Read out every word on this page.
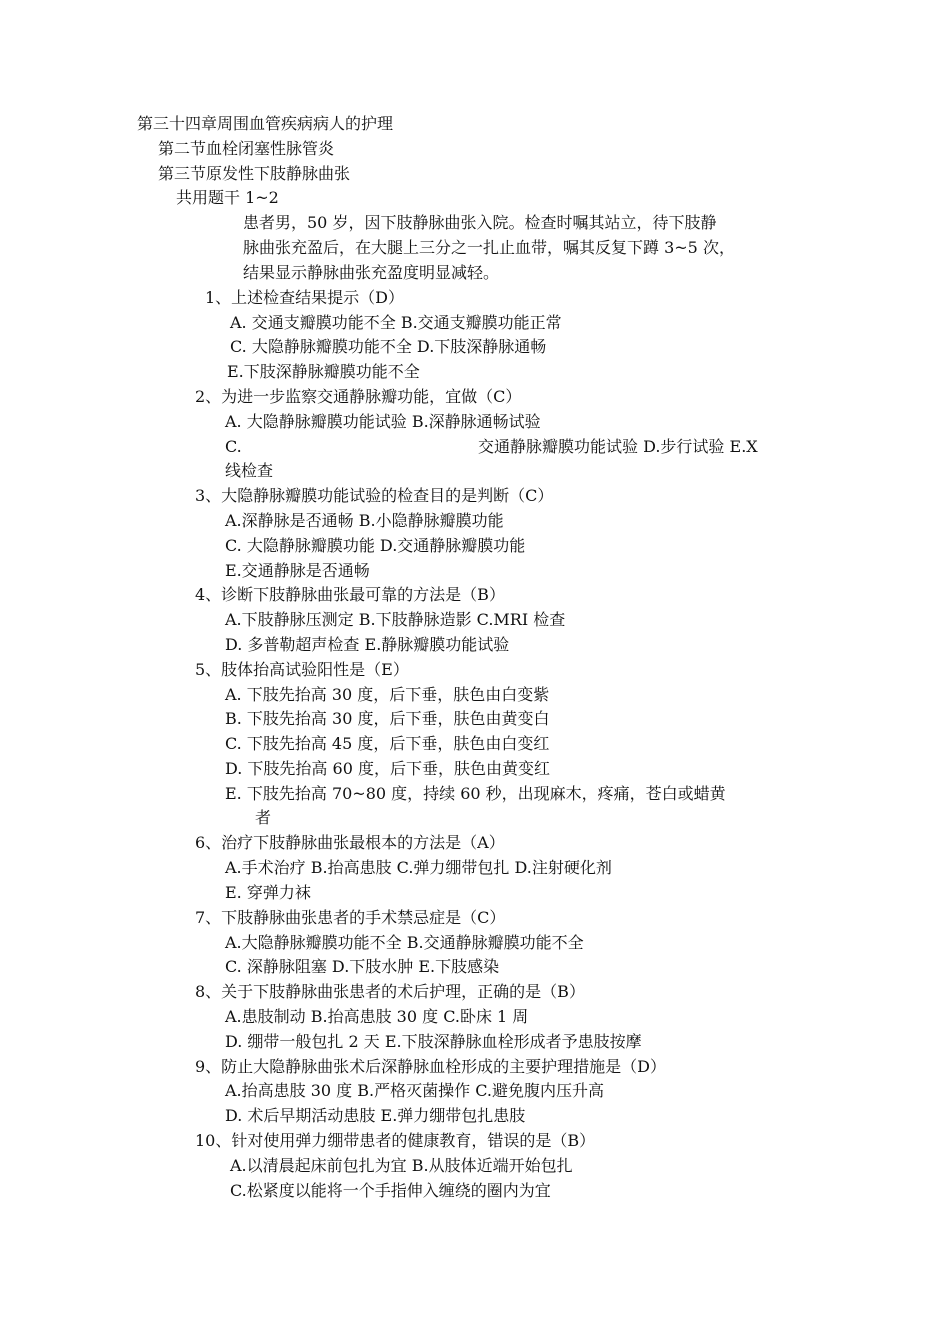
第三十四章周围血管疾病病人的护理
第二节血栓闭塞性脉管炎
第三节原发性下肢静脉曲张
共用题干 1~2
患者男，50 岁，因下肢静脉曲张入院。检查时嘱其站立，待下肢静
脉曲张充盈后，在大腿上三分之一扎止血带，嘱其反复下蹲 3~5 次，
结果显示静脉曲张充盈度明显减轻。
1、上述检查结果提示（D）
A. 交通支瓣膜功能不全 B.交通支瓣膜功能正常
C. 大隐静脉瓣膜功能不全 D.下肢深静脉通畅
E.下肢深静脉瓣膜功能不全
2、为进一步监察交通静脉瓣功能，宜做（C）
A. 大隐静脉瓣膜功能试验 B.深静脉通畅试验
C.	交通静脉瓣膜功能试验 D.步行试验 E.X
线检查
3、大隐静脉瓣膜功能试验的检查目的是判断（C）
A.深静脉是否通畅 B.小隐静脉瓣膜功能
C. 大隐静脉瓣膜功能 D.交通静脉瓣膜功能
E.交通静脉是否通畅
4、诊断下肢静脉曲张最可靠的方法是（B）
A.下肢静脉压测定 B.下肢静脉造影 C.MRI 检查
D. 多普勒超声检查 E.静脉瓣膜功能试验
5、肢体抬高试验阳性是（E）
A. 下肢先抬高 30 度，后下垂，肤色由白变紫
B. 下肢先抬高 30 度，后下垂，肤色由黄变白
C. 下肢先抬高 45 度，后下垂，肤色由白变红
D. 下肢先抬高 60 度，后下垂，肤色由黄变红
E. 下肢先抬高 70~80 度，持续 60 秒，出现麻木，疼痛，苍白或蜡黄
者
6、治疗下肢静脉曲张最根本的方法是（A）
A.手术治疗 B.抬高患肢 C.弹力绷带包扎 D.注射硬化剂
E. 穿弹力袜
7、下肢静脉曲张患者的手术禁忌症是（C）
A.大隐静脉瓣膜功能不全 B.交通静脉瓣膜功能不全
C. 深静脉阻塞 D.下肢水肿 E.下肢感染
8、关于下肢静脉曲张患者的术后护理，正确的是（B）
A.患肢制动 B.抬高患肢 30 度 C.卧床 1 周
D. 绷带一般包扎 2 天 E.下肢深静脉血栓形成者予患肢按摩
9、防止大隐静脉曲张术后深静脉血栓形成的主要护理措施是（D）
A.抬高患肢 30 度 B.严格灭菌操作 C.避免腹内压升高
D. 术后早期活动患肢 E.弹力绷带包扎患肢
10、针对使用弹力绷带患者的健康教育，错误的是（B）
A.以清晨起床前包扎为宜 B.从肢体近端开始包扎
C.松紧度以能将一个手指伸入缠绕的圈内为宜
